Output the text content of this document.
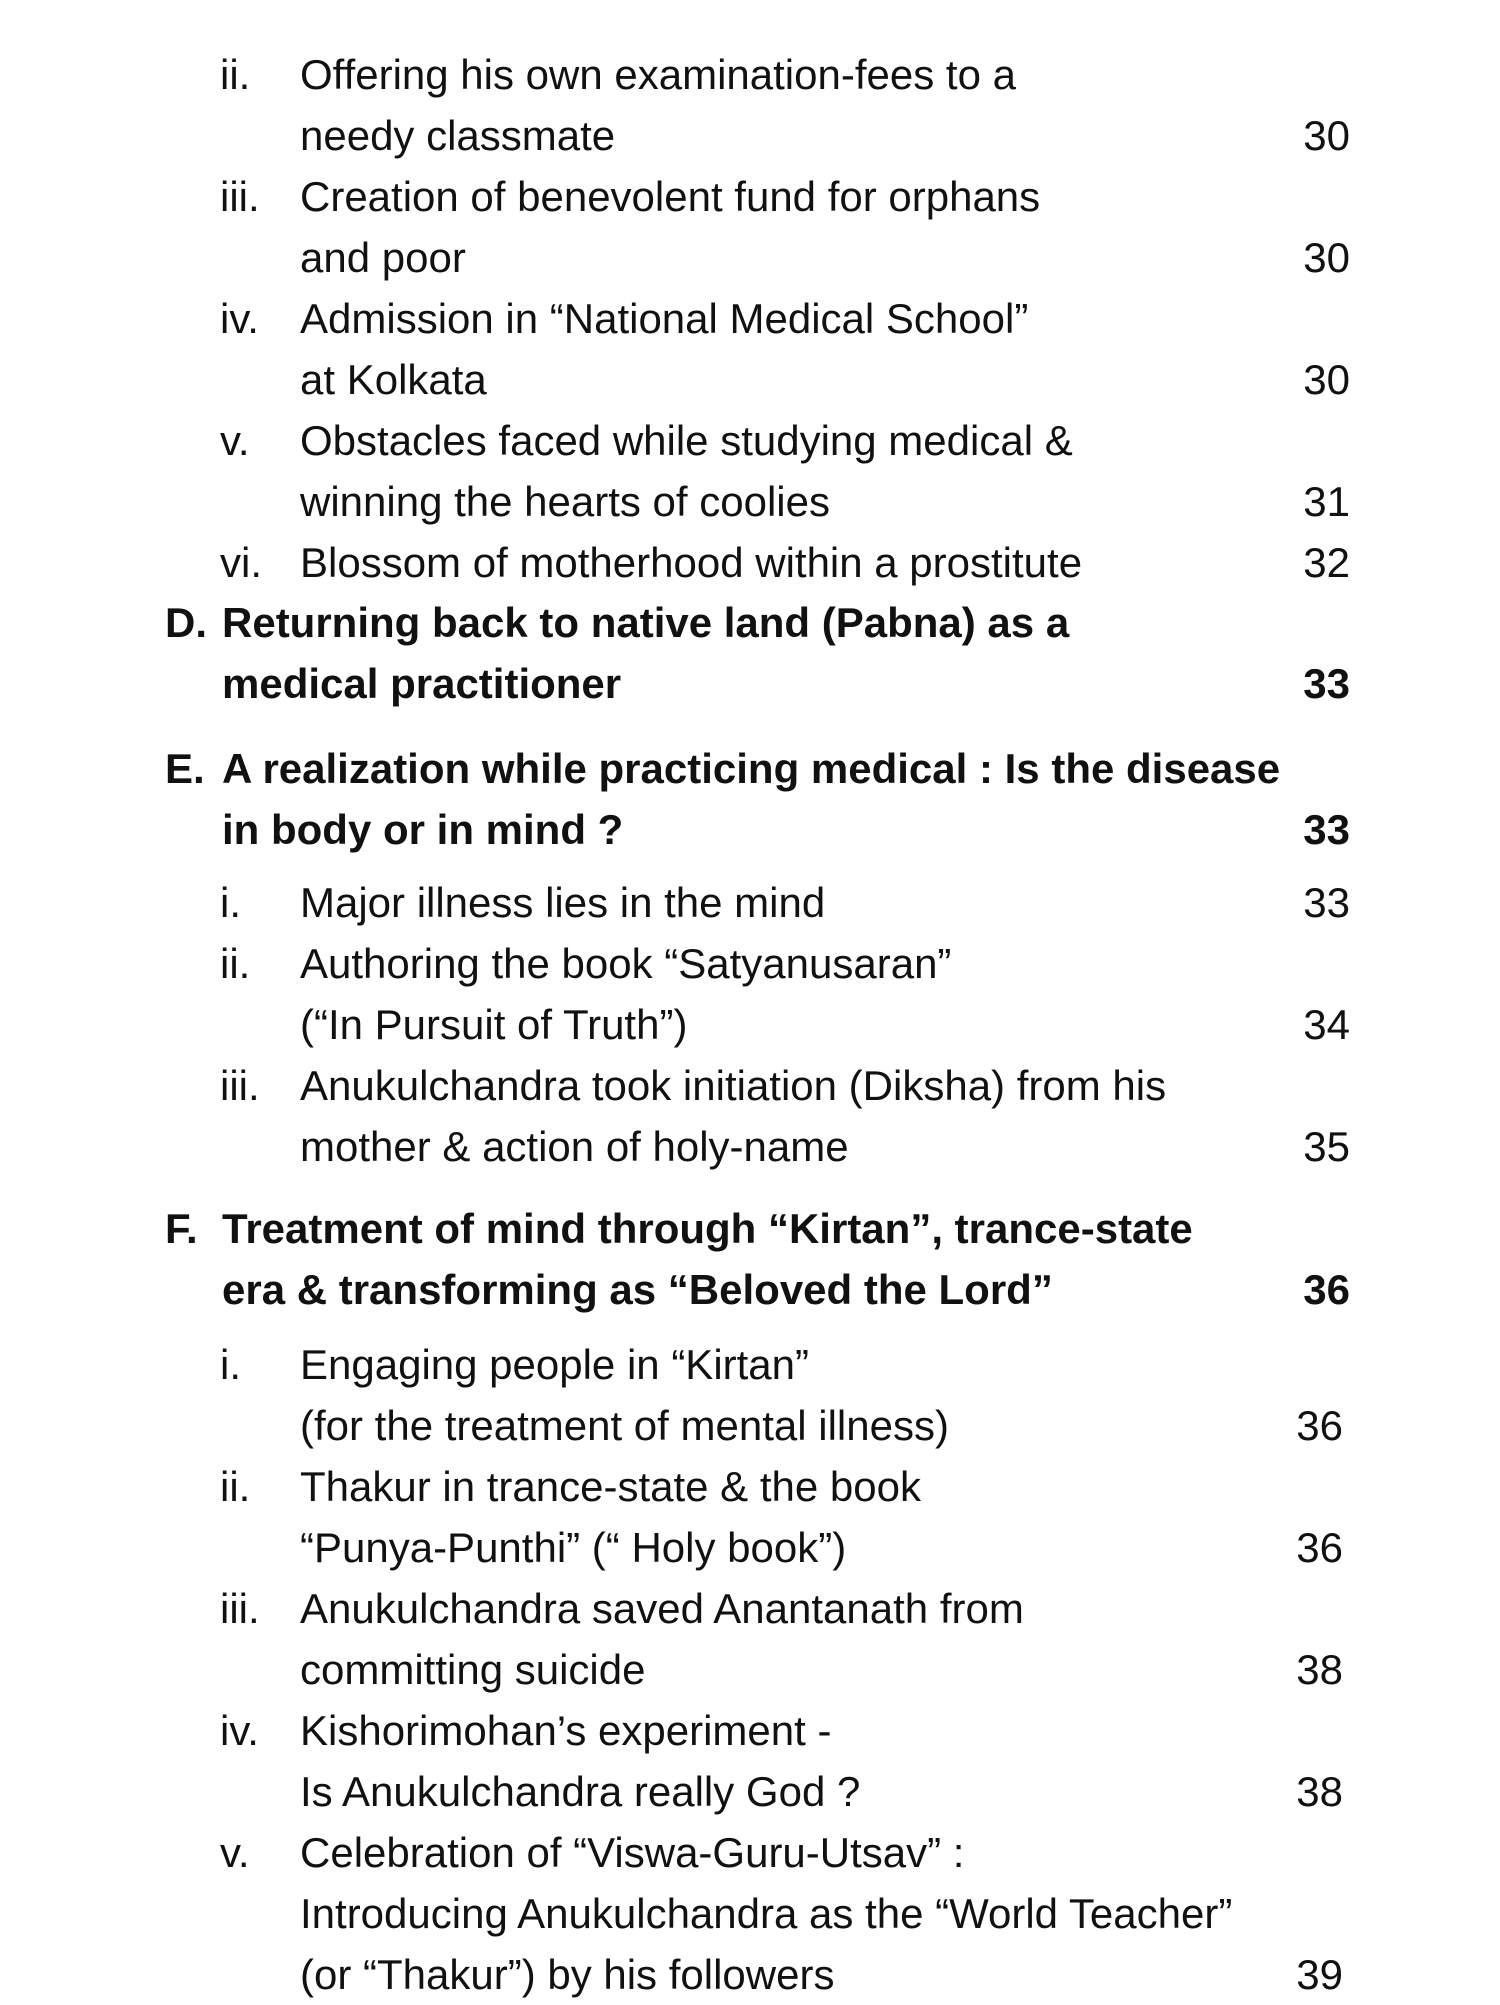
ii. Offering his own examination-fees to a
needy classmate	30
iii. Creation of benevolent fund for orphans
and poor	30
iv. Admission in “National Medical School”
at Kolkata	30
v. Obstacles faced while studying medical &
winning the hearts of coolies	31
vi. Blossom of motherhood within a prostitute	32
D. Returning back to native land (Pabna) as a
medical practitioner	33
E. A realization while practicing medical : Is the disease
in body or in mind ?	33
i. Major illness lies in the mind	33
ii. Authoring the book “Satyanusaran”
(“In Pursuit of Truth”)	34
iii. Anukulchandra took initiation (Diksha) from his
mother & action of holy-name	35
F. Treatment of mind through “Kirtan”, trance-state
era & transforming as “Beloved the Lord”	36
i. Engaging people in “Kirtan”
(for the treatment of mental illness)	36
ii. Thakur in trance-state & the book
“Punya-Punthi” (“ Holy book”)	36
iii. Anukulchandra saved Anantanath from
committing suicide	38
iv. Kishorimohan’s experiment -
Is Anukulchandra really God ?	38
v. Celebration of “Viswa-Guru-Utsav” :
Introducing Anukulchandra as the “World Teacher”
(or “Thakur”) by his followers	39
